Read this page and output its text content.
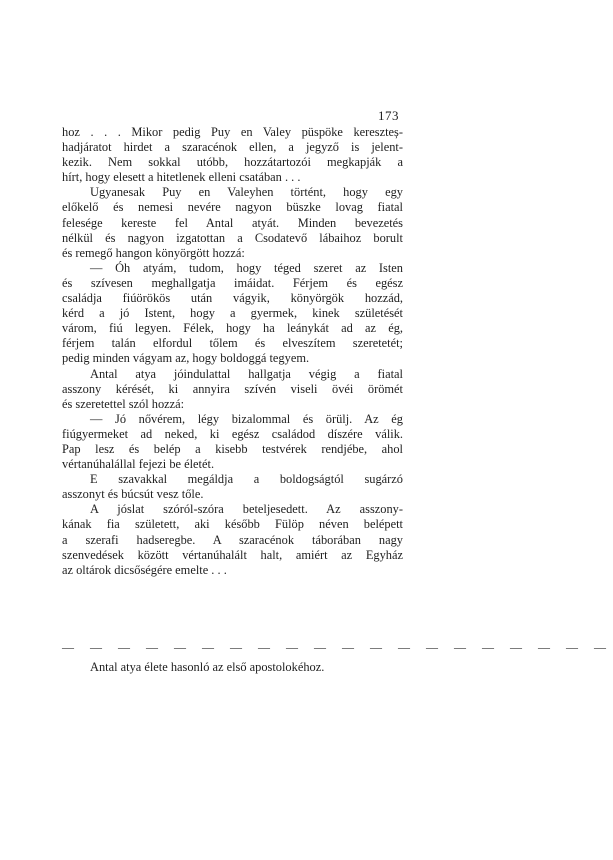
173
hoz . . . Mikor pedig Puy en Valey püspöke kereszteș-
hadjáratot hirdet a szaracénok ellen, a jegyző is jelent-
kezik. Nem sokkal utóbb, hozzátartozói megkapják a
hírt, hogy elesett a hitetlenek elleni csatában . . .
Ugyanesak Puy en Valeyhen történt, hogy egy
előkelő és nemesi nevére nagyon büszke lovag fiatal
felesége kereste fel Antal atyát. Minden bevezetés
nélkül és nagyon izgatottan a Csodatevő lábaihoz borult
és remegő hangon könyörgött hozzá:
— Óh atyám, tudom, hogy téged szeret az Isten
és szívesen meghallgatja imáidat. Férjem és egész
családja fiúörökös után vágyik, könyörgök hozzád,
kérd a jó Istent, hogy a gyermek, kinek születését
várom, fiú legyen. Félek, hogy ha leánykát ad az ég,
férjem talán elfordul tőlem és elveszítem szeretetét;
pedig minden vágyam az, hogy boldoggá tegyem.
Antal atya jóindulattal hallgatja végig a fiatal
asszony kérését, ki annyira szívén viseli övéi örömét
és szeretettel szól hozzá:
— Jó nővérem, légy bizalommal és örülj. Az ég
fiúgyermeket ad neked, ki egész családod díszére válik.
Pap lesz és belép a kisebb testvérek rendjébe, ahol
vértanúhalállal fejezi be életét.
E szavakkal megáldja a boldogságtól sugárzó
asszonyt és búcsút vesz tőle.
A jóslat szóról-szóra beteljesedett. Az asszony-
kának fia született, aki később Fülöp néven belépett
a szerafi hadseregbe. A szaracénok táborában nagy
szenvedések között vértanúhalált halt, amiért az Egyház
az oltárok dicsőségére emelte . . .
— — — — — — — — — — — — — — — — — — — —
Antal atya élete hasonló az első apostolokéhoz.
